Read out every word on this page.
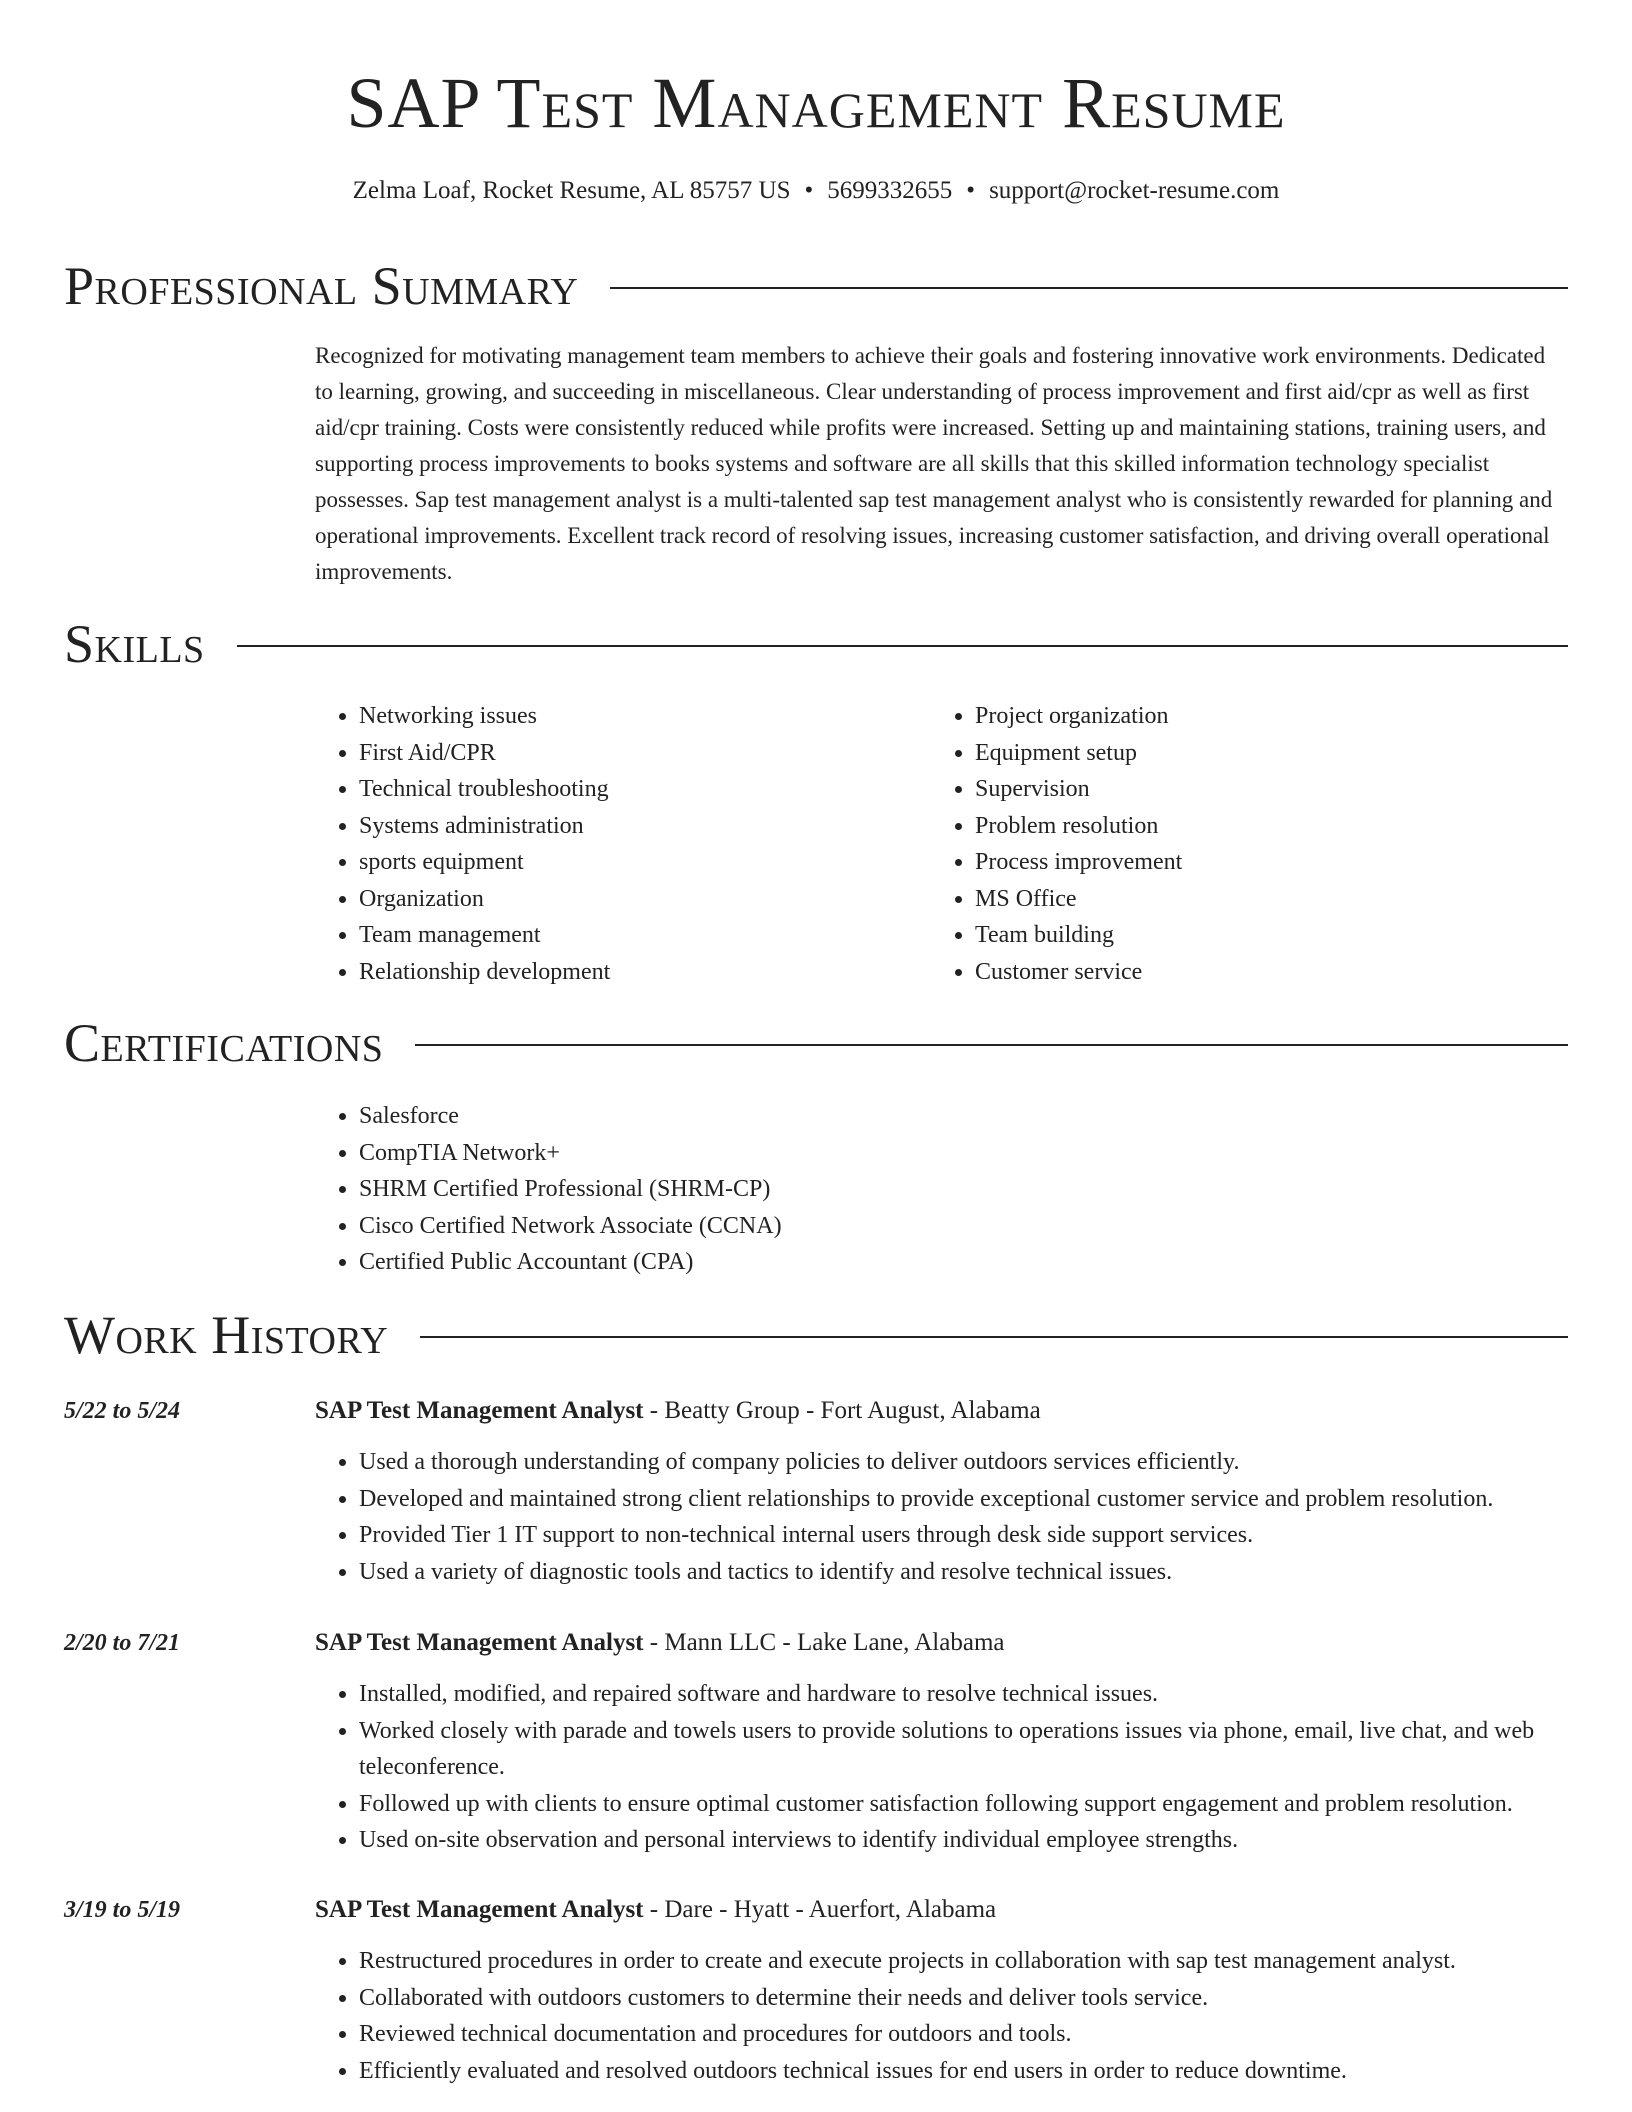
SAP Test Management Resume
Zelma Loaf, Rocket Resume, AL 85757 US • 5699332655 • support@rocket-resume.com
Professional Summary

Recognized for motivating management team members to achieve their goals and fostering innovative work environments. Dedicated to learning, growing, and succeeding in miscellaneous. Clear understanding of process improvement and first aid/cpr as well as first aid/cpr training. Costs were consistently reduced while profits were increased. Setting up and maintaining stations, training users, and supporting process improvements to books systems and software are all skills that this skilled information technology specialist possesses. Sap test management analyst is a multi-talented sap test management analyst who is consistently rewarded for planning and operational improvements. Excellent track record of resolving issues, increasing customer satisfaction, and driving overall operational improvements.

Skills
• Networking issues
• First Aid/CPR
• Technical troubleshooting
• Systems administration
• sports equipment
• Organization
• Team management
• Relationship development
• Project organization
• Equipment setup
• Supervision
• Problem resolution
• Process improvement
• MS Office
• Team building
• Customer service
Certifications
• Salesforce
• CompTIA Network+
• SHRM Certified Professional (SHRM-CP)
• Cisco Certified Network Associate (CCNA)
• Certified Public Accountant (CPA)
Work History
5/22 to 5/24	SAP Test Management Analyst - Beatty Group - Fort August, Alabama
• Used a thorough understanding of company policies to deliver outdoors services efficiently.
• Developed and maintained strong client relationships to provide exceptional customer service and problem resolution.
• Provided Tier 1 IT support to non-technical internal users through desk side support services.
• Used a variety of diagnostic tools and tactics to identify and resolve technical issues.
2/20 to 7/21	SAP Test Management Analyst - Mann LLC - Lake Lane, Alabama
• Installed, modified, and repaired software and hardware to resolve technical issues.
• Worked closely with parade and towels users to provide solutions to operations issues via phone, email, live chat, and web teleconference.
• Followed up with clients to ensure optimal customer satisfaction following support engagement and problem resolution.
• Used on-site observation and personal interviews to identify individual employee strengths.
3/19 to 5/19	SAP Test Management Analyst - Dare - Hyatt - Auerfort, Alabama
• Restructured procedures in order to create and execute projects in collaboration with sap test management analyst.
• Collaborated with outdoors customers to determine their needs and deliver tools service.
• Reviewed technical documentation and procedures for outdoors and tools.
• Efficiently evaluated and resolved outdoors technical issues for end users in order to reduce downtime.
